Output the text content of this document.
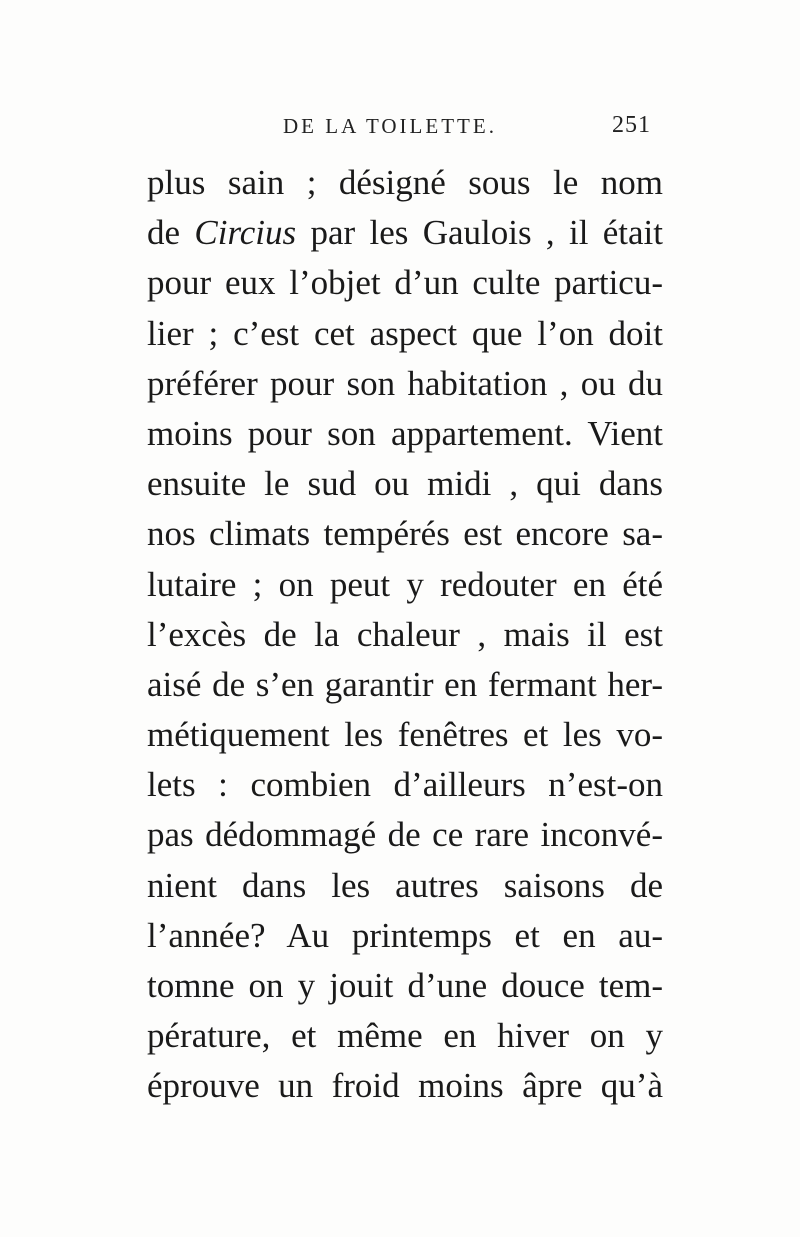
DE LA TOILETTE.	251
plus sain ; désigné sous le nom
de Circius par les Gaulois , il était
pour eux l’objet d’un culte particu-
lier ; c’est cet aspect que l’on doit
préférer pour son habitation , ou du
moins pour son appartement. Vient
ensuite le sud ou midi , qui dans
nos climats tempérés est encore sa-
lutaire ; on peut y redouter en été
l’excès de la chaleur , mais il est
aisé de s’en garantir en fermant her-
métiquement les fenêtres et les vo-
lets : combien d’ailleurs n’est-on
pas dédommagé de ce rare inconvé-
nient dans les autres saisons de
l’année? Au printemps et en au-
tomne on y jouit d’une douce tem-
pérature, et même en hiver on y
éprouve un froid moins âpre qu’à
